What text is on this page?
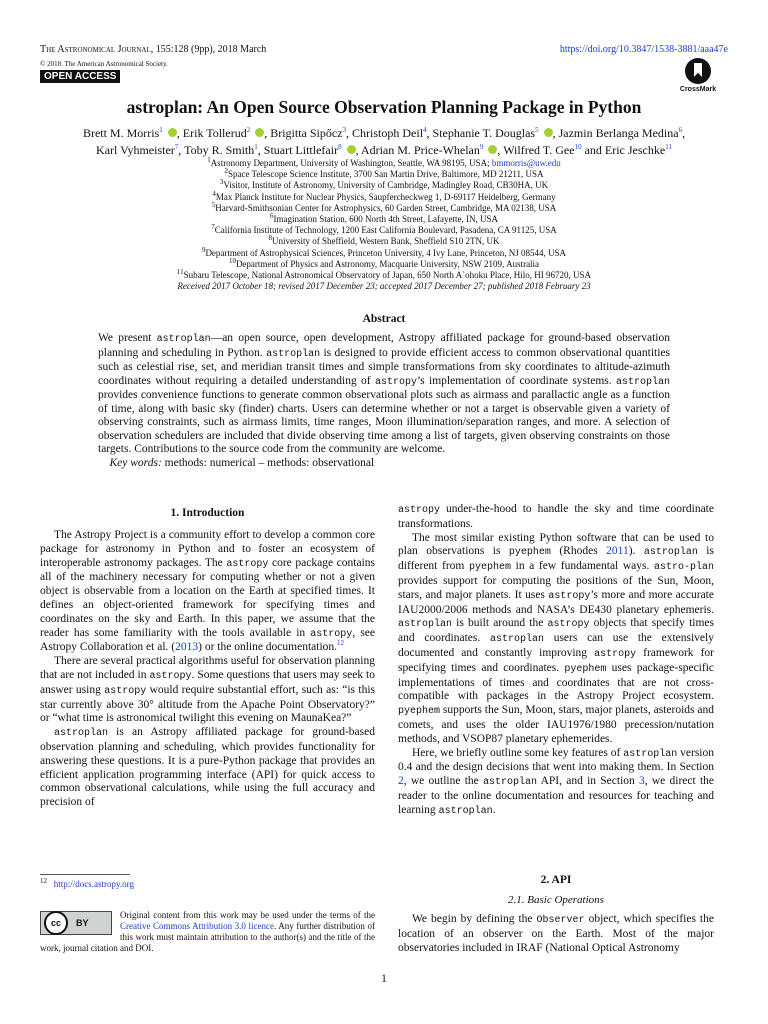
The Astronomical Journal, 155:128 (9pp), 2018 March
© 2018. The American Astronomical Society.
OPEN ACCESS
https://doi.org/10.3847/1538-3881/aaa47e
CrossMark
astroplan: An Open Source Observation Planning Package in Python
Brett M. Morris$^1$ , Erik Tollerud$^2$ , Brigitta Sipőcz$^3$, Christoph Deil$^4$, Stephanie T. Douglas$^5$ , Jazmin Berlanga Medina$^6$,
Karl Vyhmeister$^7$, Toby R. Smith$^1$, Stuart Littlefair$^8$ , Adrian M. Price-Whelan$^9$ , Wilfred T. Gee$^{10}$ and Eric Jeschke$^{11}$
$^1$Astronomy Department, University of Washington, Seattle, WA 98195, USA; bmmorris@uw.edu
$^2$Space Telescope Science Institute, 3700 San Martin Drive, Baltimore, MD 21211, USA
$^3$Visitor, Institute of Astronomy, University of Cambridge, Madingley Road, CB30HA, UK
$^4$Max Planck Institute for Nuclear Physics, Saupfercheckweg 1, D-69117 Heidelberg, Germany
$^5$Harvard-Smithsonian Center for Astrophysics, 60 Garden Street, Cambridge, MA 02138, USA
$^6$Imagination Station, 600 North 4th Street, Lafayette, IN, USA
$^7$California Institute of Technology, 1200 East California Boulevard, Pasadena, CA 91125, USA
$^8$University of Sheffield, Western Bank, Sheffield S10 2TN, UK
$^9$Department of Astrophysical Sciences, Princeton University, 4 Ivy Lane, Princeton, NJ 08544, USA
$^{10}$Department of Physics and Astronomy, Macquarie University, NSW 2109, Australia
$^{11}$Subaru Telescope, National Astronomical Observatory of Japan, 650 North A`ohoku Place, Hilo, HI 96720, USA
Received 2017 October 18; revised 2017 December 23; accepted 2017 December 27; published 2018 February 23
Abstract
We present astroplan—an open source, open development, Astropy affiliated package for ground-based observation planning and scheduling in Python. astroplan is designed to provide efficient access to common observational quantities such as celestial rise, set, and meridian transit times and simple transformations from sky coordinates to altitude-azimuth coordinates without requiring a detailed understanding of astropy’s implementation of coordinate systems. astroplan provides convenience functions to generate common observational plots such as airmass and parallactic angle as a function of time, along with basic sky (finder) charts. Users can determine whether or not a target is observable given a variety of observing constraints, such as airmass limits, time ranges, Moon illumination/separation ranges, and more. A selection of observation schedulers are included that divide observing time among a list of targets, given observing constraints on those targets. Contributions to the source code from the community are welcome.
Key words: methods: numerical – methods: observational
1. Introduction

The Astropy Project is a community effort to develop a common core package for astronomy in Python and to foster an ecosystem of interoperable astronomy packages. The astropy core package contains all of the machinery necessary for computing whether or not a given object is observable from a location on the Earth at specified times. It defines an object-oriented framework for specifying times and coordinates on the sky and Earth. In this paper, we assume that the reader has some familiarity with the tools available in astropy, see Astropy Collaboration et al. (2013) or the online documentation.$^{12}$

There are several practical algorithms useful for observation planning that are not included in astropy. Some questions that users may seek to answer using astropy would require substantial effort, such as: “is this star currently above 30° altitude from the Apache Point Observatory?” or “what time is astronomical twilight this evening on MaunaKea?”

astroplan is an Astropy affiliated package for ground-based observation planning and scheduling, which provides functionality for answering these questions. It is a pure-Python package that provides an efficient application programming interface (API) for quick access to common observational calculations, while using the full accuracy and precision of

astropy under-the-hood to handle the sky and time coordinate transformations.

The most similar existing Python software that can be used to plan observations is pyephem (Rhodes 2011). astroplan is different from pyephem in a few fundamental ways. astro-plan provides support for computing the positions of the Sun, Moon, stars, and major planets. It uses astropy’s more and more accurate IAU2000/2006 methods and NASA’s DE430 planetary ephemeris. astroplan is built around the astropy objects that specify times and coordinates. astroplan users can use the extensively documented and constantly improving astropy framework for specifying times and coordinates. pyephem uses package-specific implementations of times and coordinates that are not cross-compatible with packages in the Astropy Project ecosystem. pyephem supports the Sun, Moon, stars, major planets, asteroids and comets, and uses the older IAU1976/1980 precession/nutation methods, and VSOP87 planetary ephemerides.

Here, we briefly outline some key features of astroplan version 0.4 and the design decisions that went into making them. In Section 2, we outline the astroplan API, and in Section 3, we direct the reader to the online documentation and resources for teaching and learning astroplan.

$^{12}$ http://docs.astropy.org
cc	BY
Original content from this work may be used under the terms of the Creative Commons Attribution 3.0 licence. Any further distribution of this work must maintain attribution to the author(s) and the title of the work, journal citation and DOI.
2. API
2.1. Basic Operations

We begin by defining the Observer object, which specifies the location of an observer on the Earth. Most of the major observatories included in IRAF (National Optical Astronomy

1
